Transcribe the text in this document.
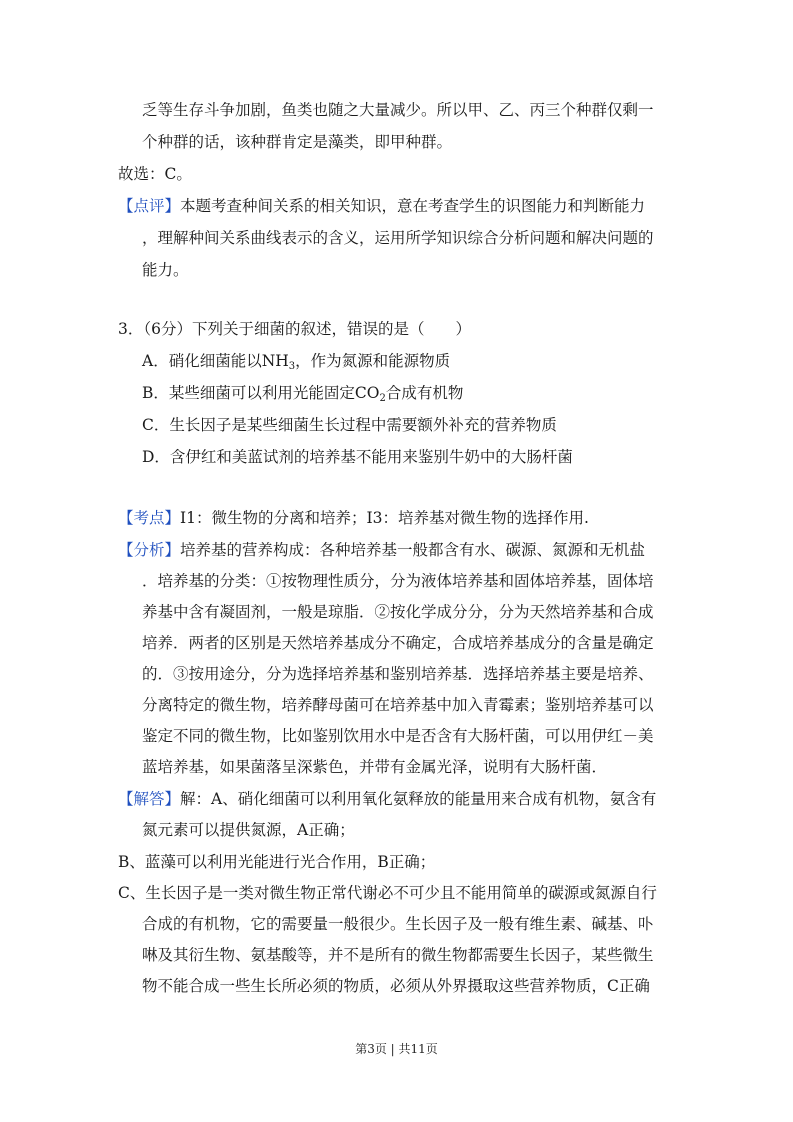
乏等生存斗争加剧，鱼类也随之大量减少。所以甲、乙、丙三个种群仅剩一
个种群的话，该种群肯定是藻类，即甲种群。
故选：C。
【点评】本题考查种间关系的相关知识，意在考查学生的识图能力和判断能力
，理解种间关系曲线表示的含义，运用所学知识综合分析问题和解决问题的
能力。
3．（6分）下列关于细菌的叙述，错误的是（　　）
A．硝化细菌能以$NH_3$，作为氮源和能源物质
B．某些细菌可以利用光能固定$CO_2$合成有机物
C．生长因子是某些细菌生长过程中需要额外补充的营养物质
D．含伊红和美蓝试剂的培养基不能用来鉴别牛奶中的大肠杆菌
【考点】I1：微生物的分离和培养；I3：培养基对微生物的选择作用.
【分析】培养基的营养构成：各种培养基一般都含有水、碳源、氮源和无机盐
．培养基的分类：①按物理性质分，分为液体培养基和固体培养基，固体培
养基中含有凝固剂，一般是琼脂．②按化学成分分，分为天然培养基和合成
培养．两者的区别是天然培养基成分不确定，合成培养基成分的含量是确定
的．③按用途分，分为选择培养基和鉴别培养基．选择培养基主要是培养、
分离特定的微生物，培养酵母菌可在培养基中加入青霉素；鉴别培养基可以
鉴定不同的微生物，比如鉴别饮用水中是否含有大肠杆菌，可以用伊红－美
蓝培养基，如果菌落呈深紫色，并带有金属光泽，说明有大肠杆菌．
【解答】解：A、硝化细菌可以利用氧化氨释放的能量用来合成有机物，氨含有
氮元素可以提供氮源，A正确；
B、蓝藻可以利用光能进行光合作用，B正确；
C、生长因子是一类对微生物正常代谢必不可少且不能用简单的碳源或氮源自行
合成的有机物，它的需要量一般很少。生长因子及一般有维生素、碱基、卟
啉及其衍生物、氨基酸等，并不是所有的微生物都需要生长因子，某些微生
物不能合成一些生长所必须的物质，必须从外界摄取这些营养物质，C正确
第3页 | 共11页
